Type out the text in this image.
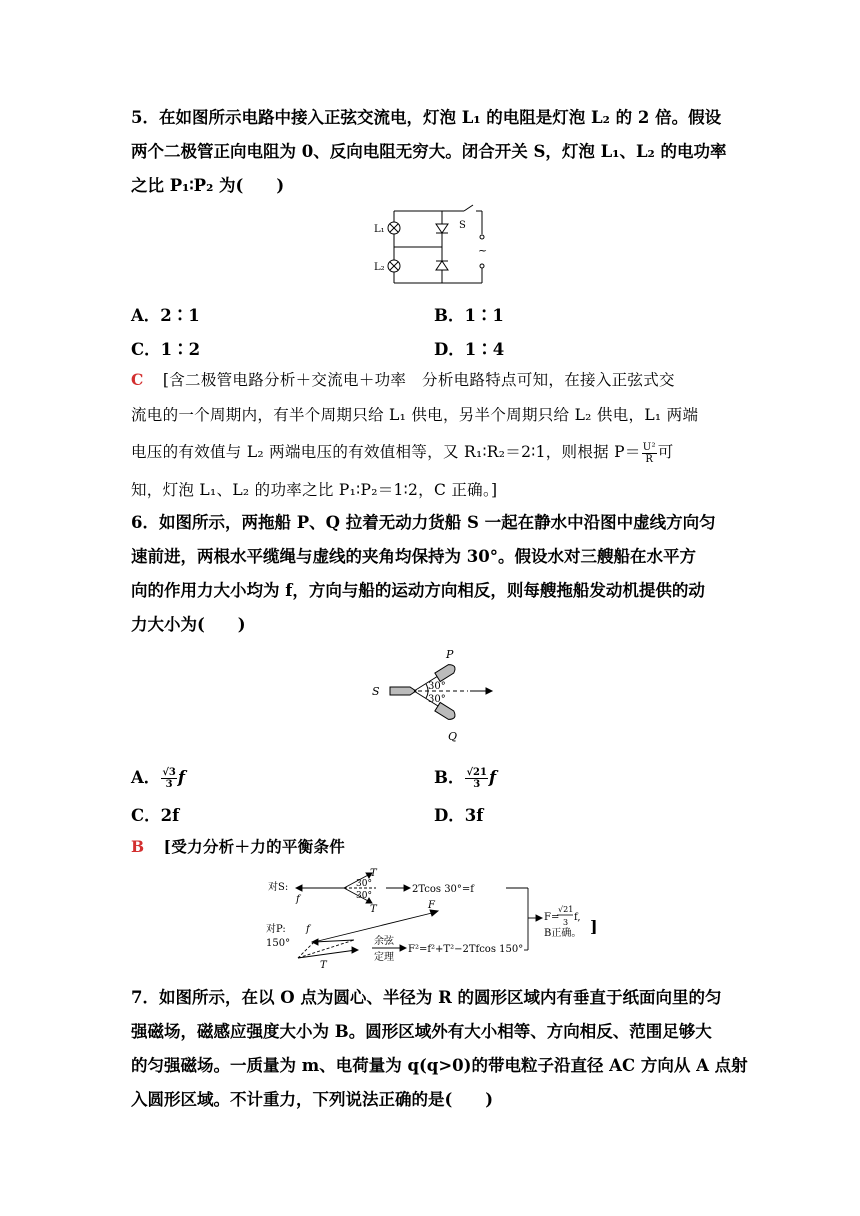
5．在如图所示电路中接入正弦交流电，灯泡 L₁ 的电阻是灯泡 L₂ 的 2 倍。假设
两个二极管正向电阻为 0、反向电阻无穷大。闭合开关 S，灯泡 L₁、L₂ 的电功率
之比 P₁∶P₂ 为(　　)
L₁
L₂
S
~
A．2∶1	B．1∶1
C．1∶2	D．1∶4
C [含二极管电路分析＋交流电＋功率　分析电路特点可知，在接入正弦式交
流电的一个周期内，有半个周期只给 L₁ 供电，另半个周期只给 L₂ 供电，L₁ 两端
电压的有效值与 L₂ 两端电压的有效值相等，又 R₁∶R₂＝2∶1，则根据 $P= \frac{\text{U²}}{R}$ 可
知，灯泡 L₁、L₂ 的功率之比 P₁∶P₂＝1∶2，C 正确。]
6．如图所示，两拖船 P、Q 拉着无动力货船 S 一起在静水中沿图中虚线方向匀
速前进，两根水平缆绳与虚线的夹角均保持为 30°。假设水对三艘船在水平方
向的作用力大小均为 f，方向与船的运动方向相反，则每艘拖船发动机提供的动
力大小为(　　)
P
Q
S	30°
30°
A． $\frac{√3}{3}$ f	B． $\frac{√21}{3}$ f
C．2f	D．3f
B [受力分析＋力的平衡条件
对S:
f
T
T
30°
30°
2Tcos 30°=f
对P: f
F
150°
T
余弦
定理
F²=f²+T²−2Tfcos 150°
F=
√21
3 f,
B正确。 ]
7．如图所示，在以 O 点为圆心、半径为 R 的圆形区域内有垂直于纸面向里的匀
强磁场，磁感应强度大小为 B。圆形区域外有大小相等、方向相反、范围足够大
的匀强磁场。一质量为 m、电荷量为 q(q>0)的带电粒子沿直径 AC 方向从 A 点射
入圆形区域。不计重力，下列说法正确的是(　　)
